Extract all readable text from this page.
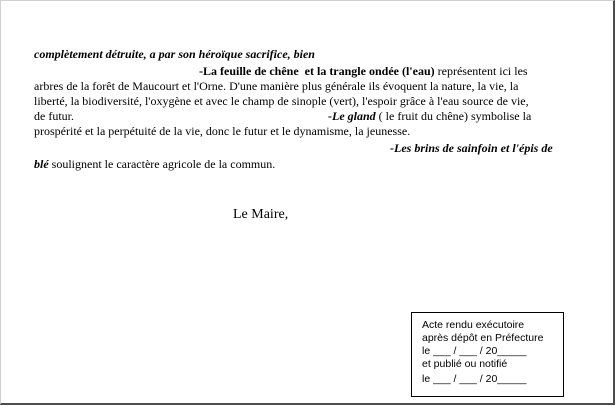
complètement détruite, a par son héroïque sacrifice, bien
-La feuille de chêne et la trangle ondée (l'eau) représentent ici les
arbres de la forêt de Maucourt et l'Orne. D'une manière plus générale ils évoquent la nature, la vie, la
liberté, la biodiversité, l'oxygène et avec le champ de sinople (vert), l'espoir grâce à l'eau source de vie,
de futur.	-Le gland ( le fruit du chêne) symbolise la
prospérité et la perpétuité de la vie, donc le futur et le dynamisme, la jeunesse.
-Les brins de sainfoin et l'épis de
blé soulignent le caractère agricole de la commun.
Le Maire,
Acte rendu exécutoire
après dépôt en Préfecture
le ___ / ___ / 20_____
et publié ou notifié
le ___ / ___ / 20_____
